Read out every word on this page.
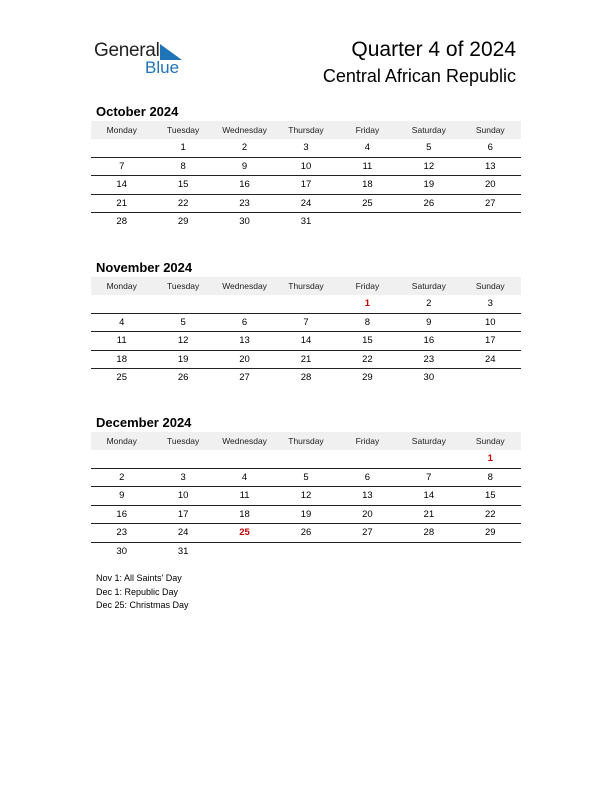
General
Blue
Quarter 4 of 2024
Central African Republic
October 2024
Monday	Tuesday	Wednesday	Thursday	Friday	Saturday	Sunday
	1	2	3	4	5	6
7	8	9	10	11	12	13
14	15	16	17	18	19	20
21	22	23	24	25	26	27
28	29	30	31			
November 2024
Monday	Tuesday	Wednesday	Thursday	Friday	Saturday	Sunday
				1	2	3
4	5	6	7	8	9	10
11	12	13	14	15	16	17
18	19	20	21	22	23	24
25	26	27	28	29	30	
December 2024
Monday	Tuesday	Wednesday	Thursday	Friday	Saturday	Sunday
						1
2	3	4	5	6	7	8
9	10	11	12	13	14	15
16	17	18	19	20	21	22
23	24	25	26	27	28	29
30	31					
Nov 1: All Saints' Day
Dec 1: Republic Day
Dec 25: Christmas Day
